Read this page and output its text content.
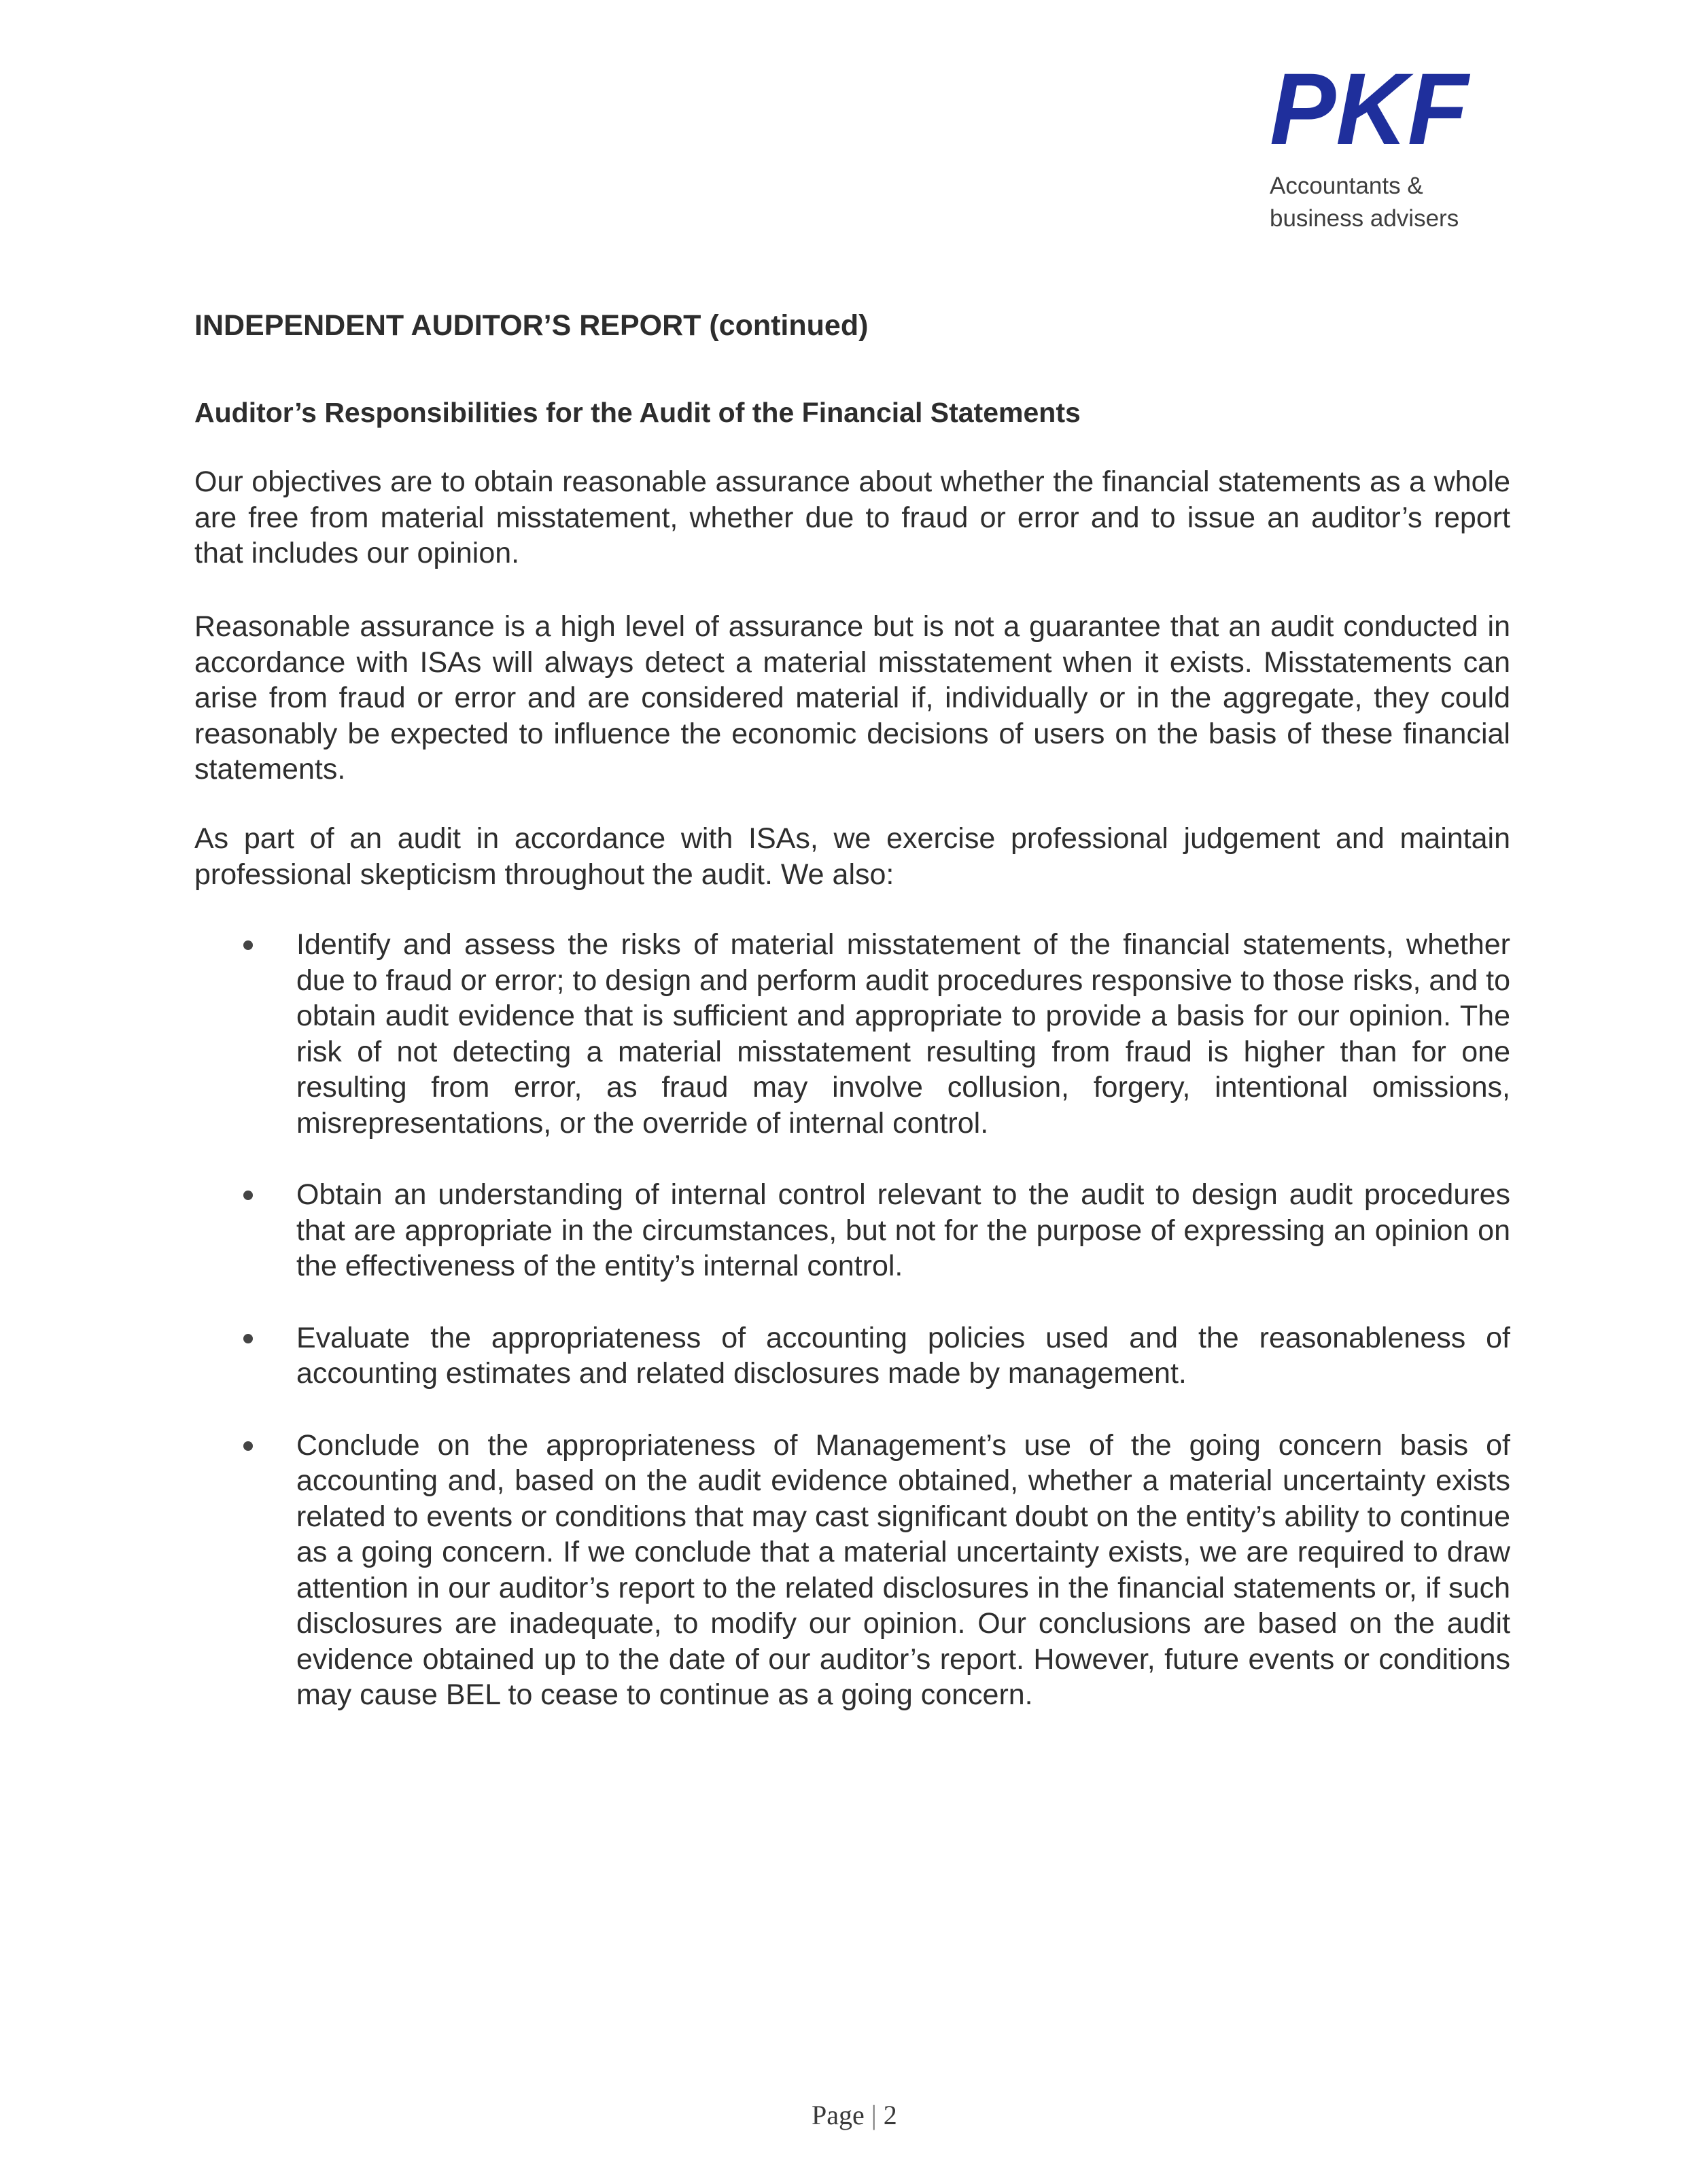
PKF
Accountants &
business advisers
INDEPENDENT AUDITOR’S REPORT (continued)
Auditor’s Responsibilities for the Audit of the Financial Statements

Our objectives are to obtain reasonable assurance about whether the financial statements as a whole are free from material misstatement, whether due to fraud or error and to issue an auditor’s report that includes our opinion.

Reasonable assurance is a high level of assurance but is not a guarantee that an audit conducted in accordance with ISAs will always detect a material misstatement when it exists. Misstatements can arise from fraud or error and are considered material if, individually or in the aggregate, they could reasonably be expected to influence the economic decisions of users on the basis of these financial statements.

As part of an audit in accordance with ISAs, we exercise professional judgement and maintain professional skepticism throughout the audit. We also:

Identify and assess the risks of material misstatement of the financial statements, whether due to fraud or error; to design and perform audit procedures responsive to those risks, and to obtain audit evidence that is sufficient and appropriate to provide a basis for our opinion. The risk of not detecting a material misstatement resulting from fraud is higher than for one resulting from error, as fraud may involve collusion, forgery, intentional omissions, misrepresentations, or the override of internal control.
Obtain an understanding of internal control relevant to the audit to design audit procedures that are appropriate in the circumstances, but not for the purpose of expressing an opinion on the effectiveness of the entity’s internal control.
Evaluate the appropriateness of accounting policies used and the reasonableness of accounting estimates and related disclosures made by management.
Conclude on the appropriateness of Management’s use of the going concern basis of accounting and, based on the audit evidence obtained, whether a material uncertainty exists related to events or conditions that may cast significant doubt on the entity’s ability to continue as a going concern. If we conclude that a material uncertainty exists, we are required to draw attention in our auditor’s report to the related disclosures in the financial statements or, if such disclosures are inadequate, to modify our opinion. Our conclusions are based on the audit evidence obtained up to the date of our auditor’s report. However, future events or conditions may cause BEL to cease to continue as a going concern.
Page | 2
